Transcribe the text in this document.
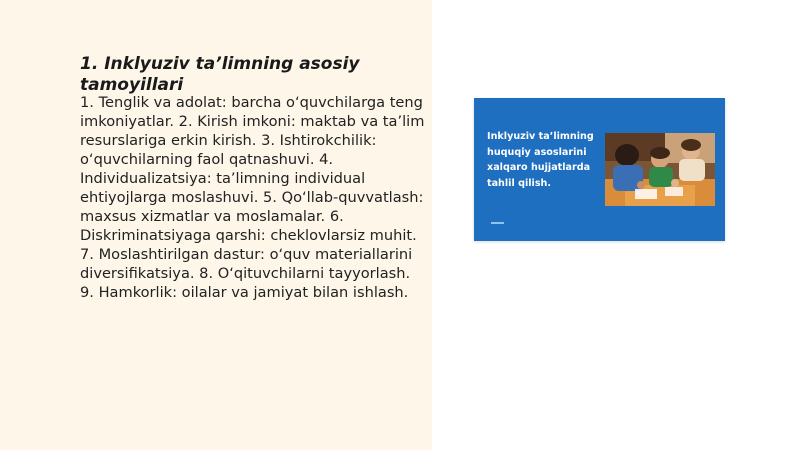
1. Inklyuziv ta’limning asosiy tamoyillari
1. Tenglik va adolat: barcha o‘quvchilarga teng imkoniyatlar. 2. Kirish imkoni: maktab va ta’lim resurslariga erkin kirish. 3. Ishtirokchilik: o‘quvchilarning faol qatnashuvi. 4. Individualizatsiya: ta’limning individual ehtiyojlarga moslashuvi. 5. Qo‘llab-quvvatlash: maxsus xizmatlar va moslamalar. 6. Diskriminatsiyaga qarshi: cheklovlarsiz muhit. 7. Moslashtirilgan dastur: o‘quv materiallarini diversifikatsiya. 8. O‘qituvchilarni tayyorlash. 9. Hamkorlik: oilalar va jamiyat bilan ishlash.
Inklyuziv ta’limning huquqiy asoslarini xalqaro hujjatlarda tahlil qilish.
